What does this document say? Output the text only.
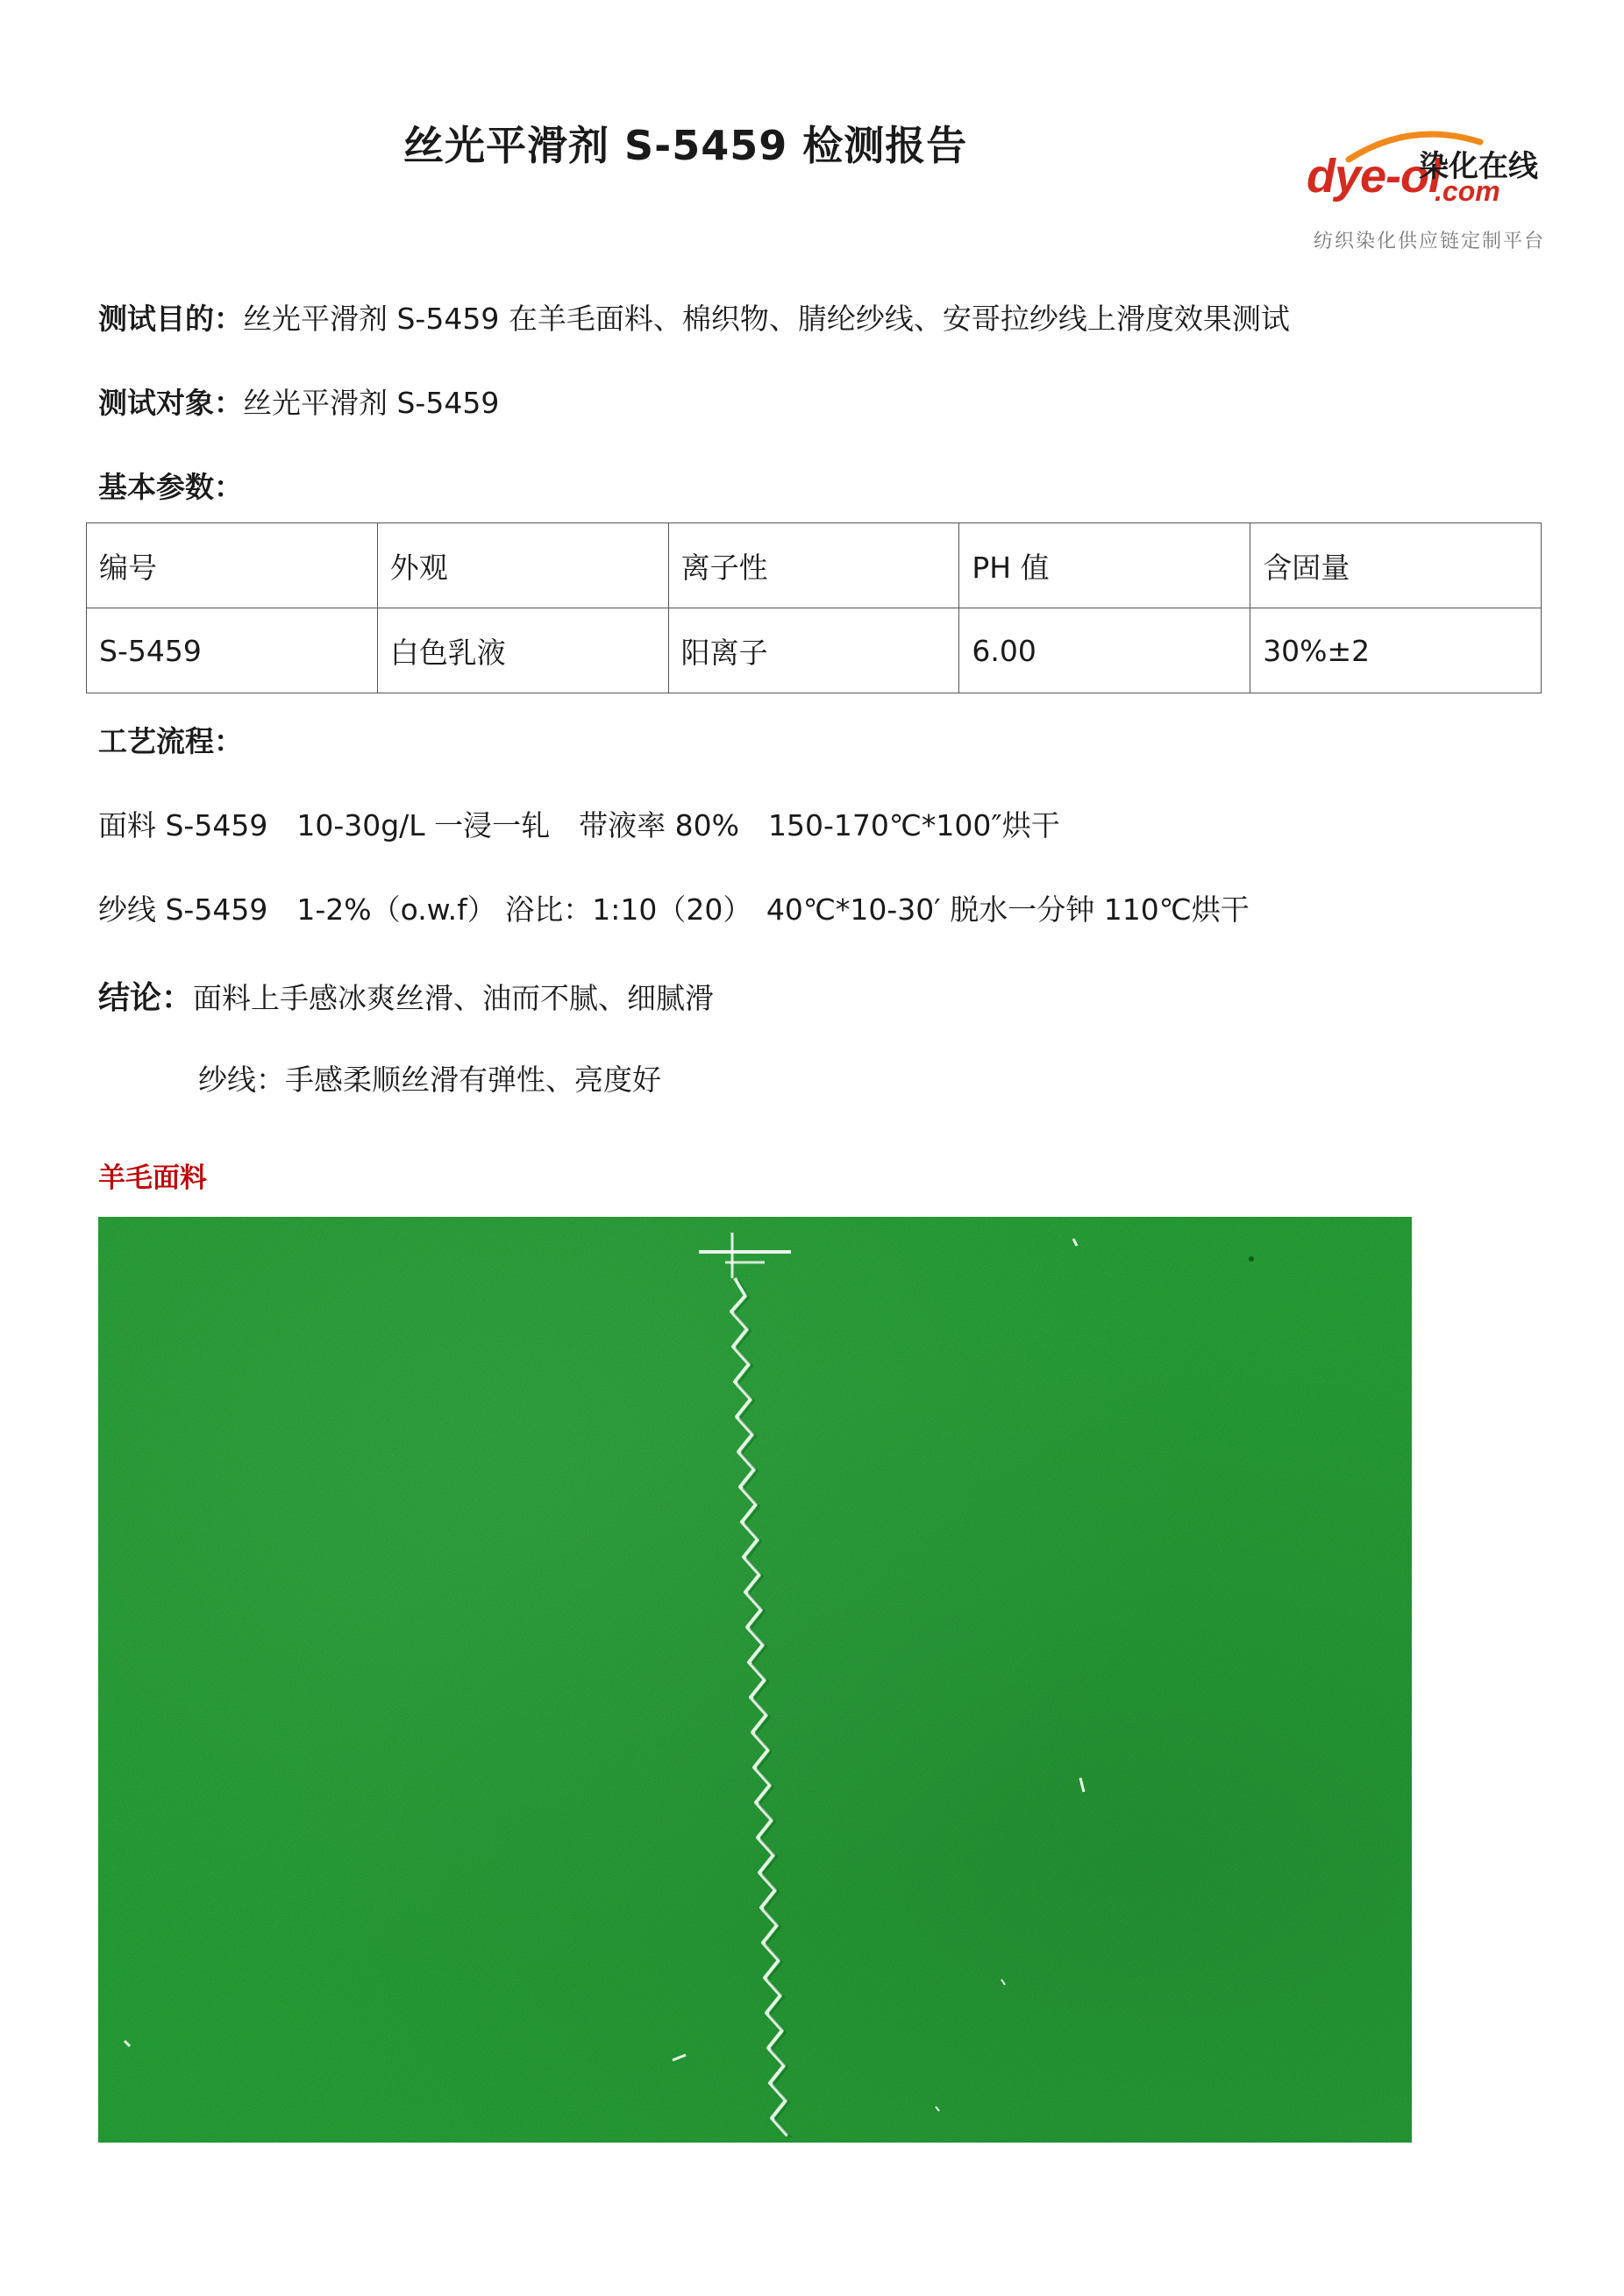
丝光平滑剂 S-5459 检测报告
dye-ol
染化在线
.com
纺织染化供应链定制平台
测试目的：丝光平滑剂 S-5459 在羊毛面料、棉织物、腈纶纱线、安哥拉纱线上滑度效果测试
测试对象：丝光平滑剂 S-5459
基本参数：
编号	外观	离子性	PH 值	含固量
S-5459	白色乳液	阳离子	6.00	30%±2
工艺流程：
面料 S-5459　10-30g/L 一浸一轧　带液率 80%　150-170℃*100″烘干
纱线 S-5459　1-2%（o.w.f） 浴比：1:10（20）　40℃*10-30′ 脱水一分钟 110℃烘干
结论：面料上手感冰爽丝滑、油而不腻、细腻滑
纱线：手感柔顺丝滑有弹性、亮度好
羊毛面料
